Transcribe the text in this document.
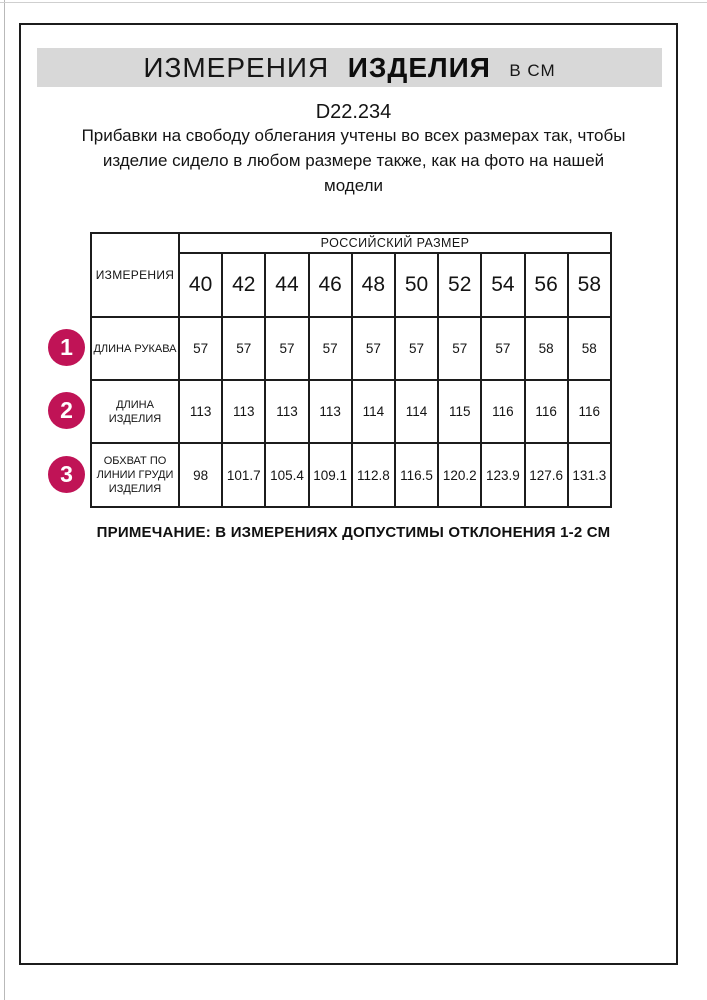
ИЗМЕРЕНИЯ ИЗДЕЛИЯ В СМ
D22.234
Прибавки на свободу облегания учтены во всех размерах так, чтобы изделие сидело в любом размере также, как на фото на нашей модели
ИЗМЕРЕНИЯ	РОССИЙСКИЙ РАЗМЕР									
	40	42	44	46	48	50	52	54	56	58
ДЛИНА РУКАВА	57	57	57	57	57	57	57	57	58	58
ДЛИНА ИЗДЕЛИЯ	113	113	113	113	114	114	115	116	116	116
ОБХВАТ ПО ЛИНИИ ГРУДИ ИЗДЕЛИЯ	98	101.7	105.4	109.1	112.8	116.5	120.2	123.9	127.6	131.3
1
2
3
ПРИМЕЧАНИЕ: В ИЗМЕРЕНИЯХ ДОПУСТИМЫ ОТКЛОНЕНИЯ 1-2 СМ
